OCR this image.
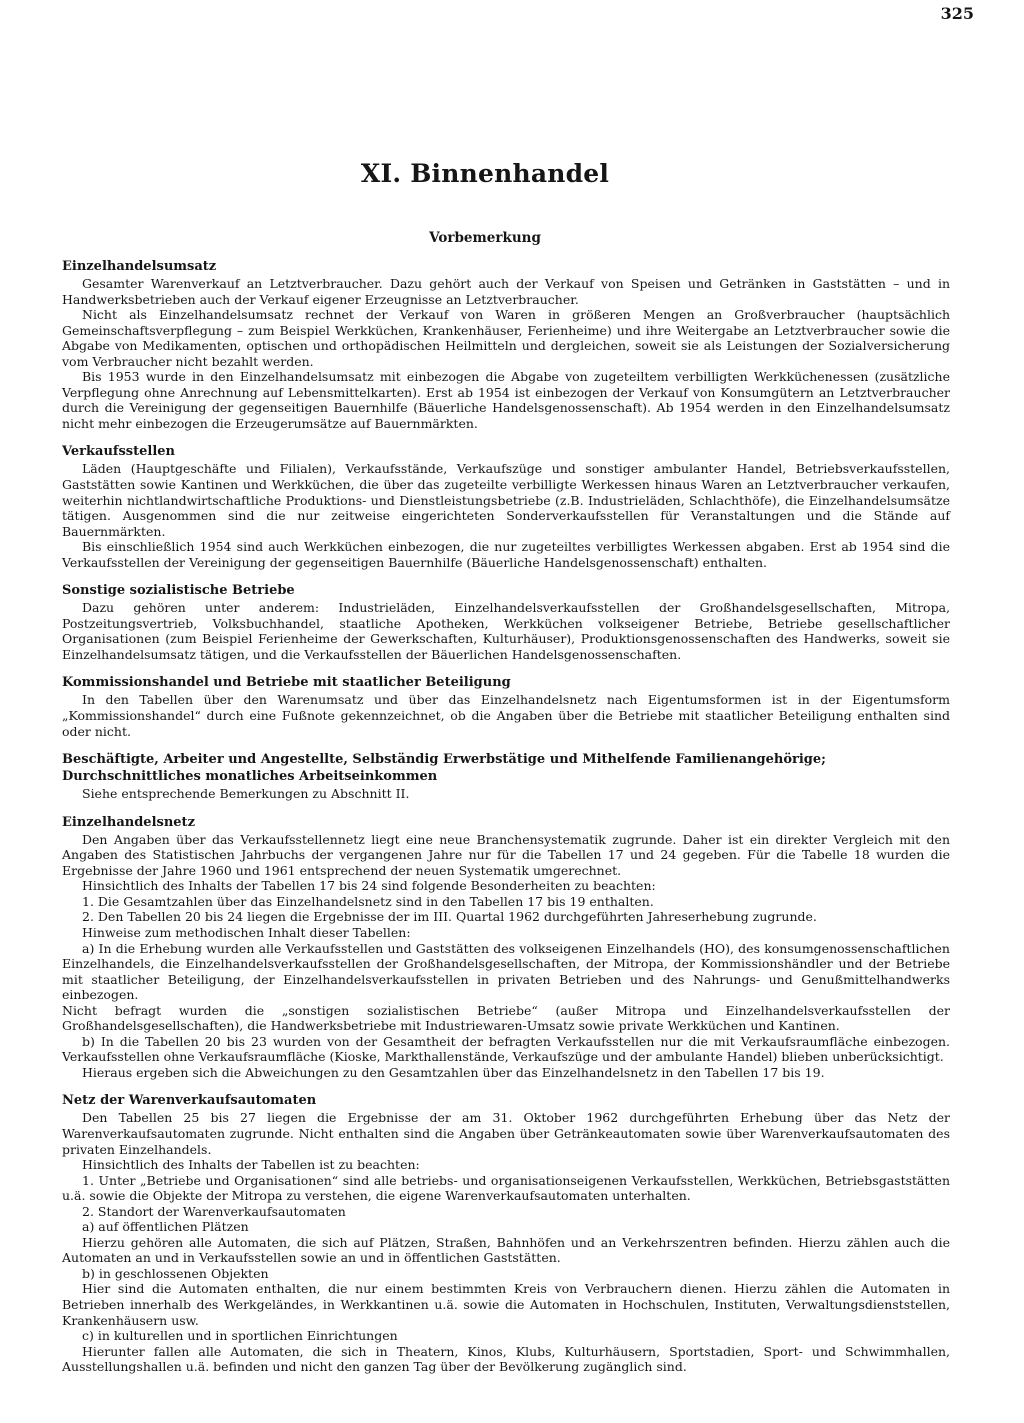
325
XI. Binnenhandel
Vorbemerkung
Einzelhandelsumsatz

Gesamter Warenverkauf an Letztverbraucher. Dazu gehört auch der Verkauf von Speisen und Getränken in Gaststätten – und in Handwerksbetrieben auch der Verkauf eigener Erzeugnisse an Letztverbraucher.

Nicht als Einzelhandelsumsatz rechnet der Verkauf von Waren in größeren Mengen an Großverbraucher (hauptsächlich Gemeinschaftsverpflegung – zum Beispiel Werkküchen, Krankenhäuser, Ferienheime) und ihre Weitergabe an Letztverbraucher sowie die Abgabe von Medikamenten, optischen und orthopädischen Heilmitteln und dergleichen, soweit sie als Leistungen der Sozialversicherung vom Verbraucher nicht bezahlt werden.

Bis 1953 wurde in den Einzelhandelsumsatz mit einbezogen die Abgabe von zugeteiltem verbilligten Werkküchenessen (zusätzliche Verpflegung ohne Anrechnung auf Lebensmittelkarten). Erst ab 1954 ist einbezogen der Verkauf von Konsumgütern an Letztverbraucher durch die Vereinigung der gegenseitigen Bauernhilfe (Bäuerliche Handelsgenossenschaft). Ab 1954 werden in den Einzelhandelsumsatz nicht mehr einbezogen die Erzeugerumsätze auf Bauernmärkten.

Verkaufsstellen

Läden (Hauptgeschäfte und Filialen), Verkaufsstände, Verkaufszüge und sonstiger ambulanter Handel, Betriebsverkaufsstellen, Gaststätten sowie Kantinen und Werkküchen, die über das zugeteilte verbilligte Werkessen hinaus Waren an Letztverbraucher verkaufen, weiterhin nichtlandwirtschaftliche Produktions- und Dienstleistungsbetriebe (z.B. Industrieläden, Schlachthöfe), die Einzelhandelsumsätze tätigen. Ausgenommen sind die nur zeitweise eingerichteten Sonderverkaufsstellen für Veranstaltungen und die Stände auf Bauernmärkten.

Bis einschließlich 1954 sind auch Werkküchen einbezogen, die nur zugeteiltes verbilligtes Werkessen abgaben. Erst ab 1954 sind die Verkaufsstellen der Vereinigung der gegenseitigen Bauernhilfe (Bäuerliche Handelsgenossenschaft) enthalten.

Sonstige sozialistische Betriebe

Dazu gehören unter anderem: Industrieläden, Einzelhandelsverkaufsstellen der Großhandelsgesellschaften, Mitropa, Postzeitungsvertrieb, Volksbuchhandel, staatliche Apotheken, Werkküchen volkseigener Betriebe, Betriebe gesellschaftlicher Organisationen (zum Beispiel Ferienheime der Gewerkschaften, Kulturhäuser), Produktionsgenossenschaften des Handwerks, soweit sie Einzelhandelsumsatz tätigen, und die Verkaufsstellen der Bäuerlichen Handelsgenossenschaften.

Kommissionshandel und Betriebe mit staatlicher Beteiligung

In den Tabellen über den Warenumsatz und über das Einzelhandelsnetz nach Eigentumsformen ist in der Eigentumsform „Kommissionshandel“ durch eine Fußnote gekennzeichnet, ob die Angaben über die Betriebe mit staatlicher Beteiligung enthalten sind oder nicht.

Beschäftigte, Arbeiter und Angestellte, Selbständig Erwerbstätige und Mithelfende Familienangehörige; Durchschnittliches monatliches Arbeitseinkommen

Siehe entsprechende Bemerkungen zu Abschnitt II.

Einzelhandelsnetz

Den Angaben über das Verkaufsstellennetz liegt eine neue Branchensystematik zugrunde. Daher ist ein direkter Vergleich mit den Angaben des Statistischen Jahrbuchs der vergangenen Jahre nur für die Tabellen 17 und 24 gegeben. Für die Tabelle 18 wurden die Ergebnisse der Jahre 1960 und 1961 entsprechend der neuen Systematik umgerechnet.

Hinsichtlich des Inhalts der Tabellen 17 bis 24 sind folgende Besonderheiten zu beachten:

1. Die Gesamtzahlen über das Einzelhandelsnetz sind in den Tabellen 17 bis 19 enthalten.

2. Den Tabellen 20 bis 24 liegen die Ergebnisse der im III. Quartal 1962 durchgeführten Jahreserhebung zugrunde.

Hinweise zum methodischen Inhalt dieser Tabellen:

a) In die Erhebung wurden alle Verkaufsstellen und Gaststätten des volkseigenen Einzelhandels (HO), des konsumgenossenschaftlichen Einzelhandels, die Einzelhandelsverkaufsstellen der Großhandelsgesellschaften, der Mitropa, der Kommissionshändler und der Betriebe mit staatlicher Beteiligung, der Einzelhandelsverkaufsstellen in privaten Betrieben und des Nahrungs- und Genußmittelhandwerks einbezogen.

Nicht befragt wurden die „sonstigen sozialistischen Betriebe“ (außer Mitropa und Einzelhandelsverkaufsstellen der Großhandelsgesellschaften), die Handwerksbetriebe mit Industriewaren-Umsatz sowie private Werkküchen und Kantinen.

b) In die Tabellen 20 bis 23 wurden von der Gesamtheit der befragten Verkaufsstellen nur die mit Verkaufsraumfläche einbezogen. Verkaufsstellen ohne Verkaufsraumfläche (Kioske, Markthallenstände, Verkaufszüge und der ambulante Handel) blieben unberücksichtigt.

Hieraus ergeben sich die Abweichungen zu den Gesamtzahlen über das Einzelhandelsnetz in den Tabellen 17 bis 19.

Netz der Warenverkaufsautomaten

Den Tabellen 25 bis 27 liegen die Ergebnisse der am 31. Oktober 1962 durchgeführten Erhebung über das Netz der Warenverkaufsautomaten zugrunde. Nicht enthalten sind die Angaben über Getränkeautomaten sowie über Warenverkaufsautomaten des privaten Einzelhandels.

Hinsichtlich des Inhalts der Tabellen ist zu beachten:

1. Unter „Betriebe und Organisationen“ sind alle betriebs- und organisationseigenen Verkaufsstellen, Werkküchen, Betriebsgaststätten u.ä. sowie die Objekte der Mitropa zu verstehen, die eigene Warenverkaufsautomaten unterhalten.

2. Standort der Warenverkaufsautomaten

a) auf öffentlichen Plätzen

Hierzu gehören alle Automaten, die sich auf Plätzen, Straßen, Bahnhöfen und an Verkehrszentren befinden. Hierzu zählen auch die Automaten an und in Verkaufsstellen sowie an und in öffentlichen Gaststätten.

b) in geschlossenen Objekten

Hier sind die Automaten enthalten, die nur einem bestimmten Kreis von Verbrauchern dienen. Hierzu zählen die Automaten in Betrieben innerhalb des Werkgeländes, in Werkkantinen u.ä. sowie die Automaten in Hochschulen, Instituten, Verwaltungsdienststellen, Krankenhäusern usw.

c) in kulturellen und in sportlichen Einrichtungen

Hierunter fallen alle Automaten, die sich in Theatern, Kinos, Klubs, Kulturhäusern, Sportstadien, Sport- und Schwimmhallen, Ausstellungshallen u.ä. befinden und nicht den ganzen Tag über der Bevölkerung zugänglich sind.
